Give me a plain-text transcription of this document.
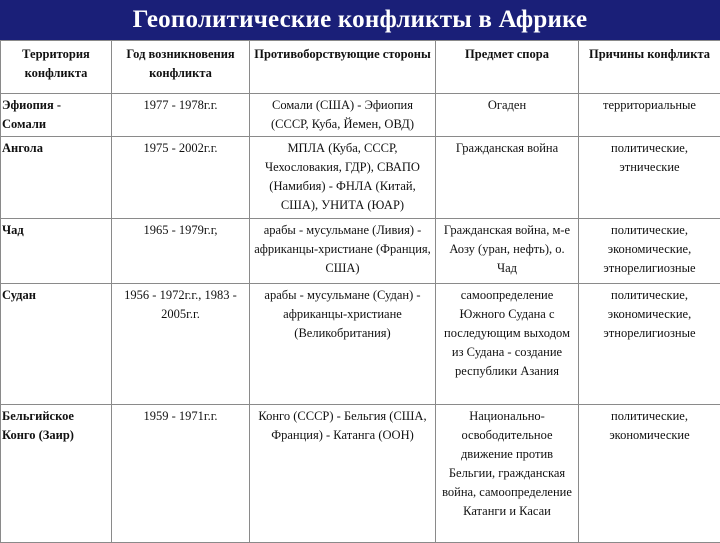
Геополитические конфликты в Африке
Территория конфликта	Год возникновения конфликта	Противоборствующие стороны	Предмет спора	Причины конфликта
Эфиопия - Сомали	1977 - 1978г.г.	Сомали (США) - Эфиопия (СССР, Куба, Йемен, ОВД)	Огаден	территориальные
Ангола	1975 - 2002г.г.	МПЛА (Куба, СССР, Чехословакия, ГДР), СВАПО (Намибия) - ФНЛА (Китай, США), УНИТА (ЮАР)	Гражданская война	политические, этнические
Чад	1965 - 1979г.г,	арабы - мусульмане (Ливия) - африканцы-христиане (Франция, США)	Гражданская война, м-е Аозу (уран, нефть), о. Чад	политические, экономические, этнорелигиозные
Судан	1956 - 1972г.г., 1983 - 2005г.г.	арабы - мусульмане (Судан) - африканцы-христиане (Великобритания)	самоопределение Южного Судана с последующим выходом из Судана - создание республики Азания	политические, экономические, этнорелигиозные
Бельгийское Конго (Заир)	1959 - 1971г.г.	Конго (СССР) - Бельгия (США, Франция) - Катанга (ООН)	Национально-освободительное движение против Бельгии, гражданская война, самоопределение Катанги и Касаи	политические, экономические
